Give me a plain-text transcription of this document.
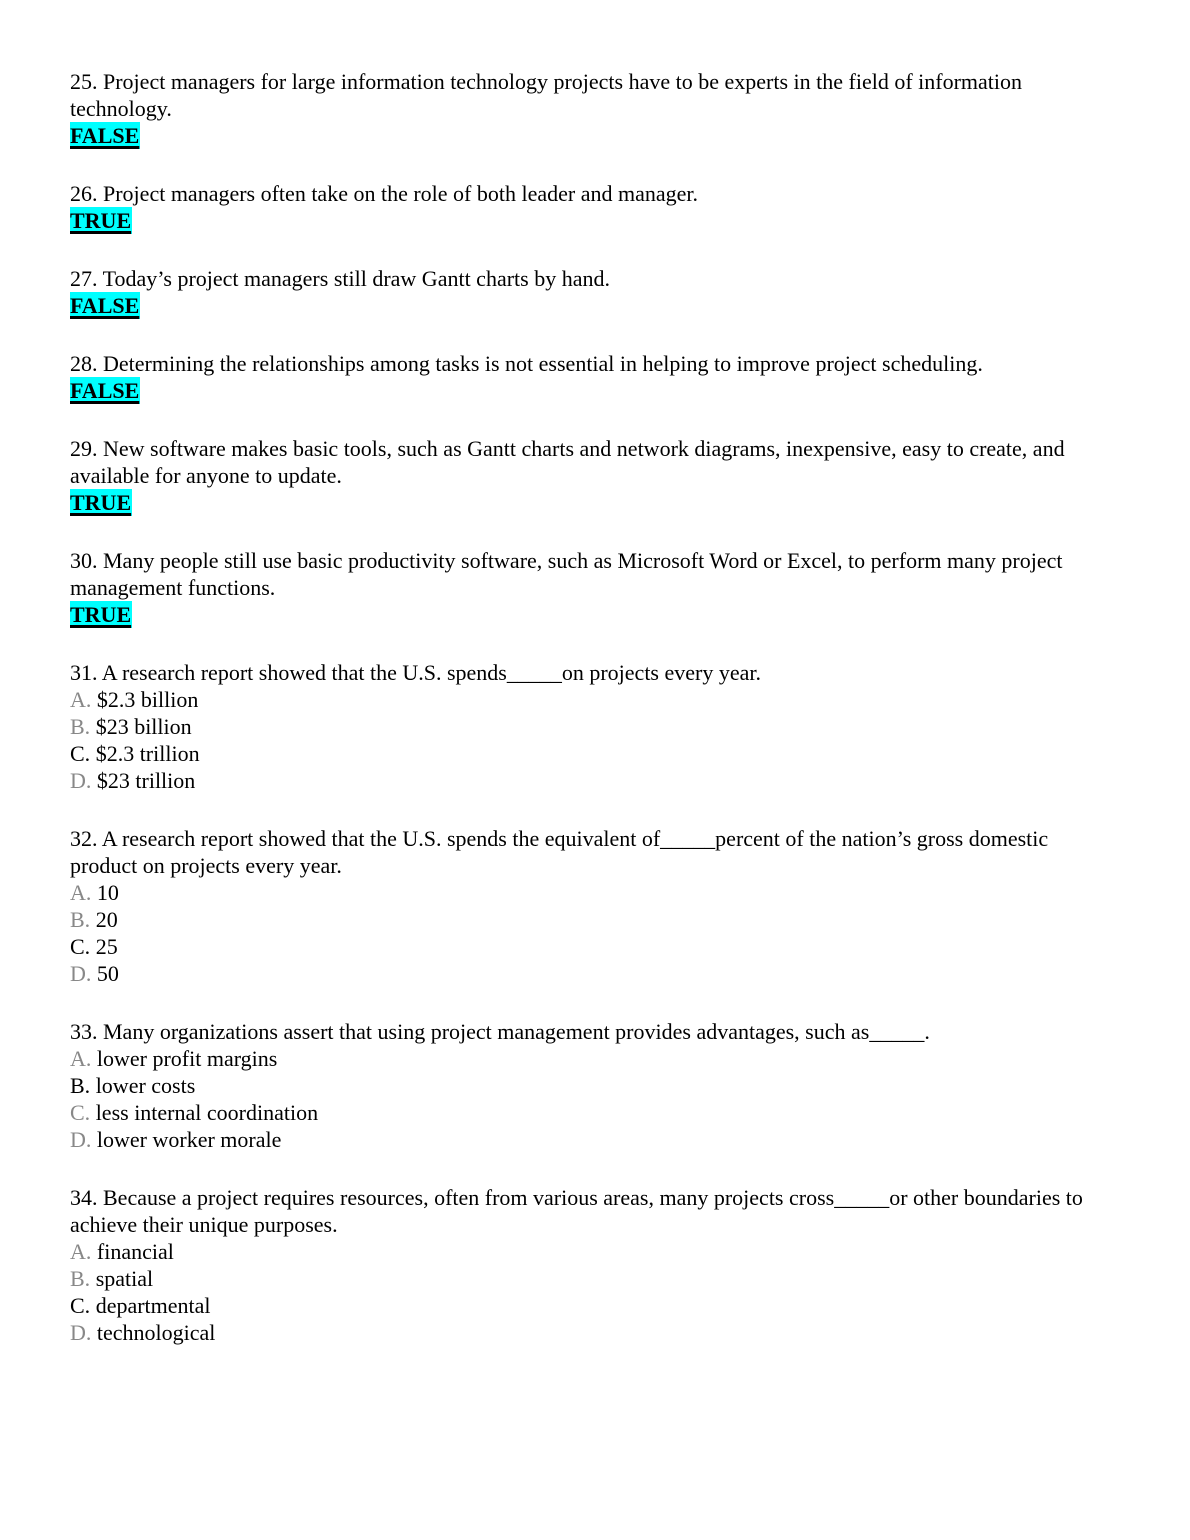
25. Project managers for large information technology projects have to be experts in the field of information technology.

FALSE

26. Project managers often take on the role of both leader and manager.

TRUE

27. Today’s project managers still draw Gantt charts by hand.

FALSE

28. Determining the relationships among tasks is not essential in helping to improve project scheduling.

FALSE

29. New software makes basic tools, such as Gantt charts and network diagrams, inexpensive, easy to create, and available for anyone to update.

TRUE

30. Many people still use basic productivity software, such as Microsoft Word or Excel, to perform many project management functions.

TRUE

31. A research report showed that the U.S. spends_____on projects every year.

A. $2.3 billion
B. $23 billion
C. $2.3 trillion
D. $23 trillion

32. A research report showed that the U.S. spends the equivalent of_____percent of the nation’s gross domestic product on projects every year.

A. 10
B. 20
C. 25
D. 50

33. Many organizations assert that using project management provides advantages, such as_____.

A. lower profit margins
B. lower costs
C. less internal coordination
D. lower worker morale

34. Because a project requires resources, often from various areas, many projects cross_____or other boundaries to achieve their unique purposes.

A. financial
B. spatial
C. departmental
D. technological
